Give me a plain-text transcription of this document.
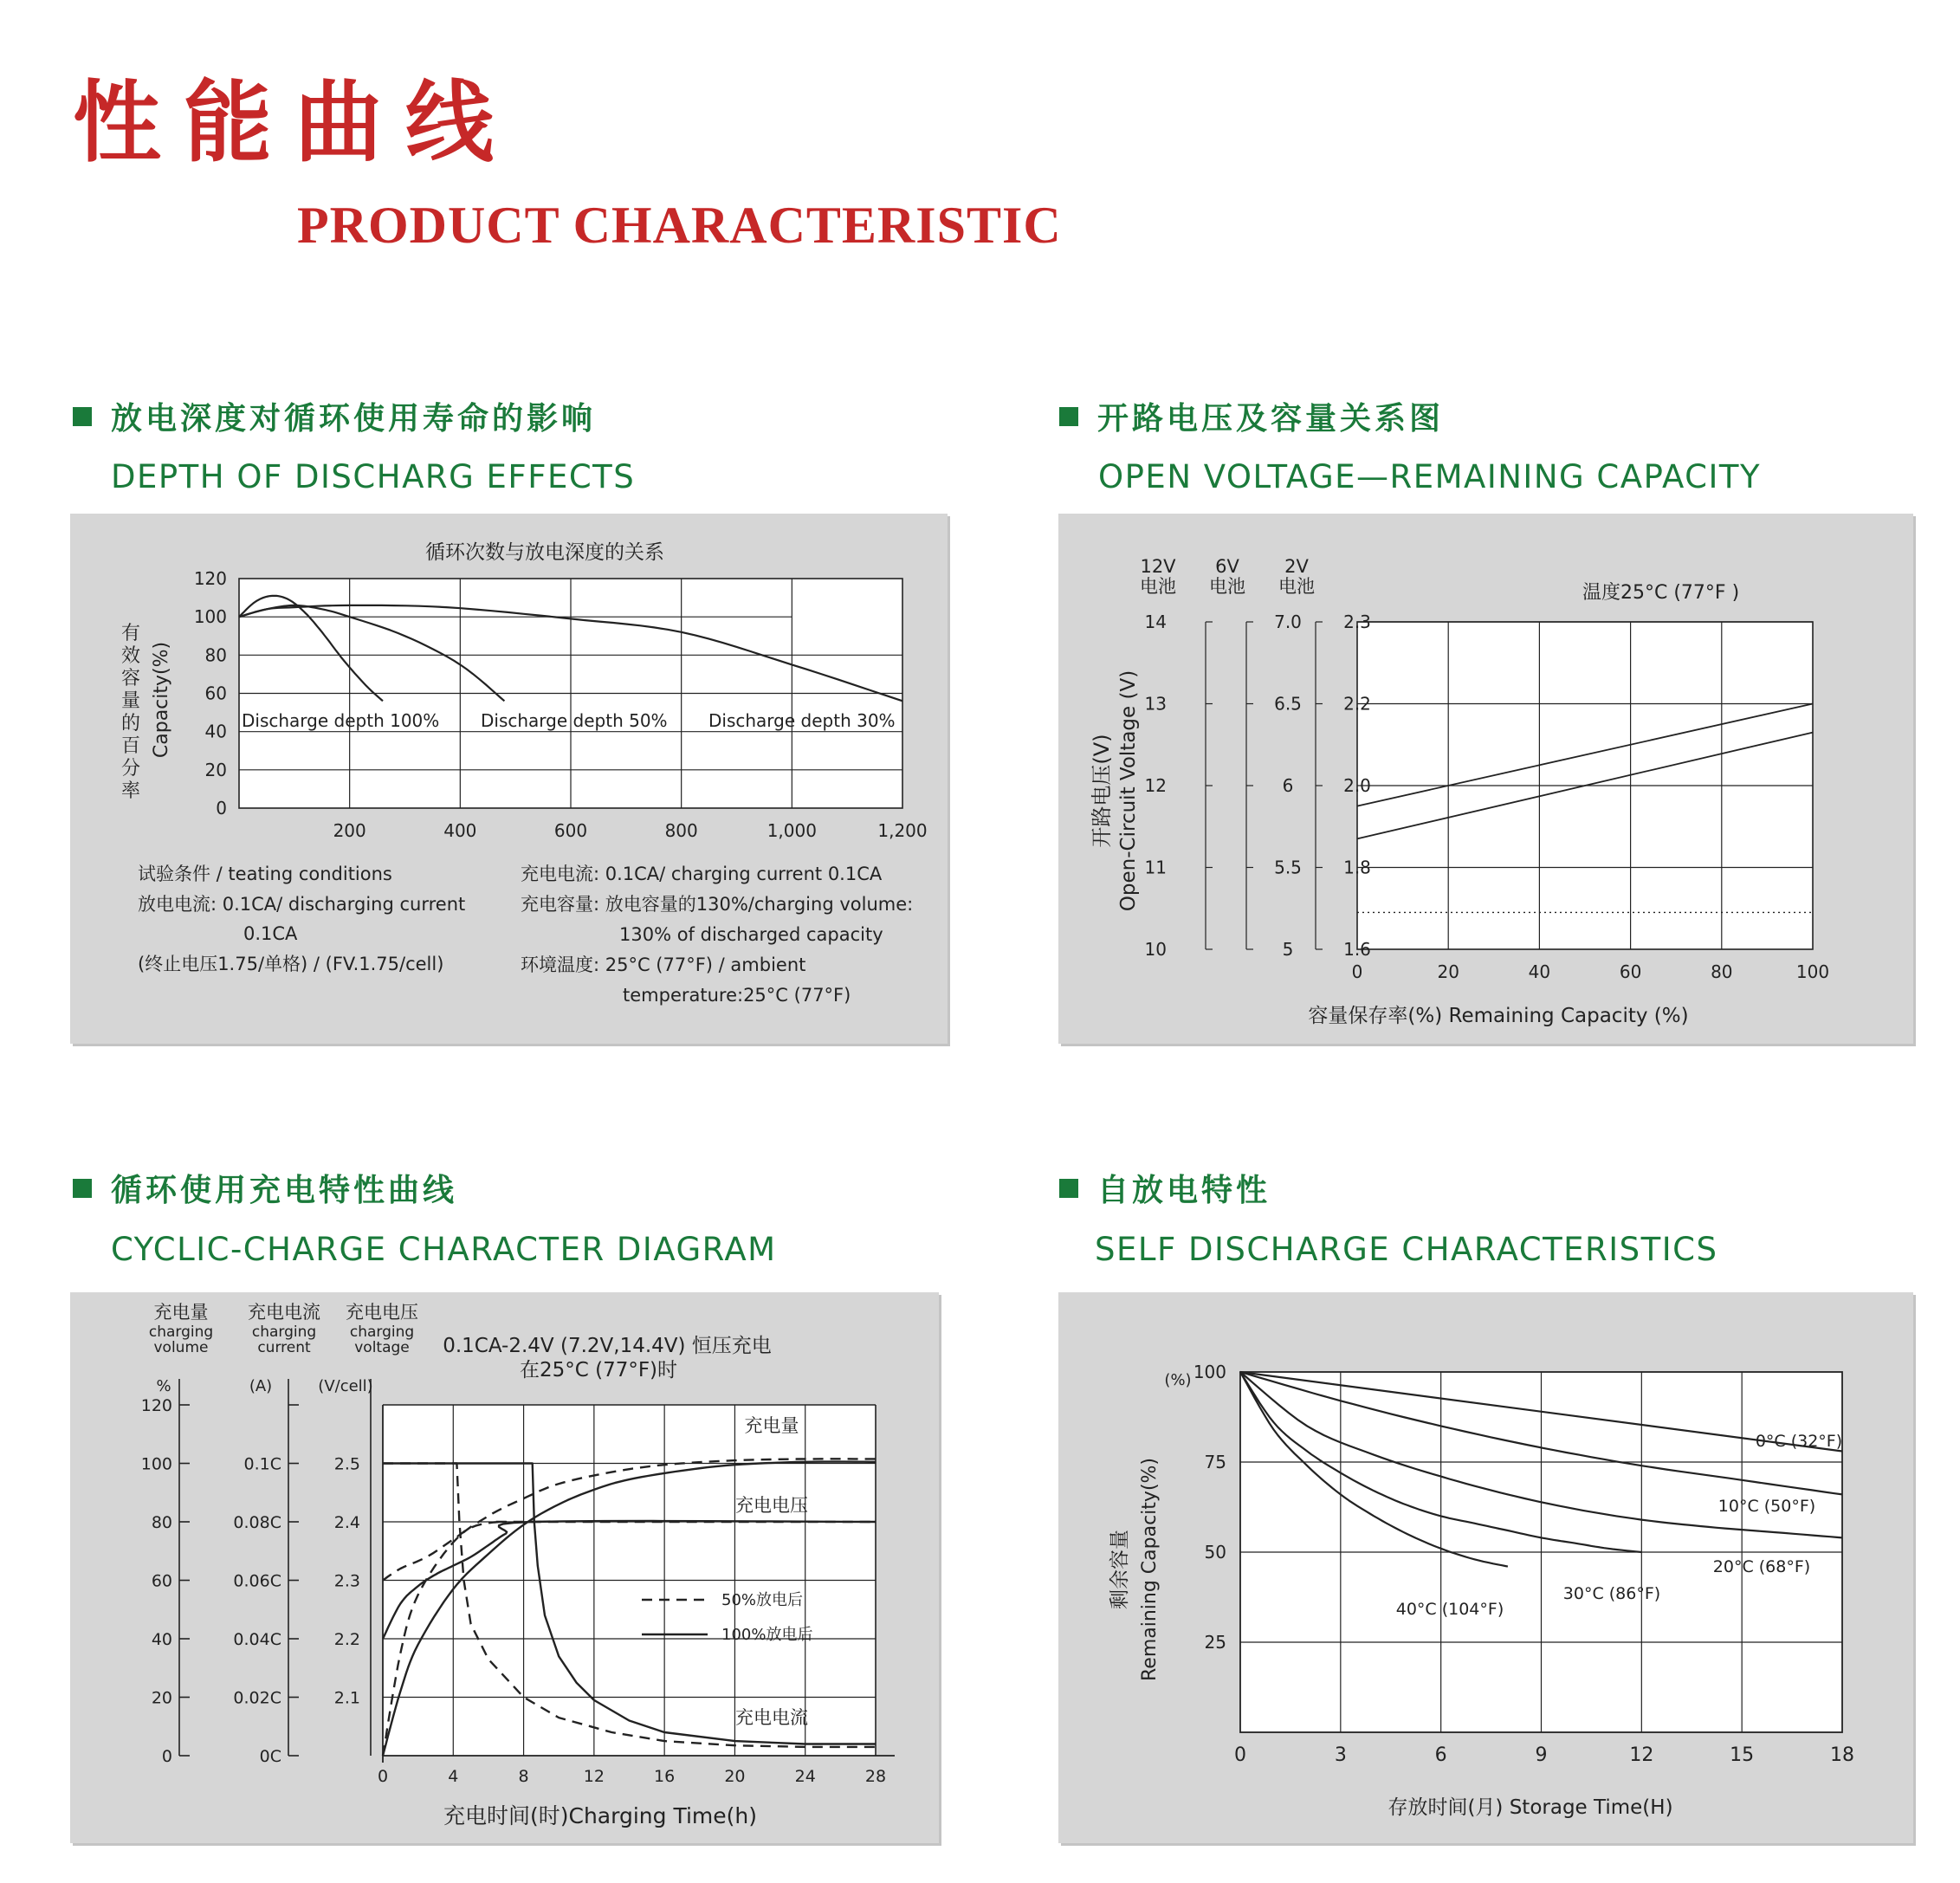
性能曲线
PRODUCT CHARACTERISTIC
放电深度对循环使用寿命的影响
DEPTH OF DISCHARG EFFECTS
开路电压及容量关系图
OPEN VOLTAGE—REMAINING CAPACITY
循环使用充电特性曲线
CYCLIC-CHARGE CHARACTER DIAGRAM
自放电特性
SELF DISCHARGE CHARACTERISTICS
循环次数与放电深度的关系
0
20
40
60
80
100
120
200	400	600	800	1,000	1,200
有
效
容
量
的
百
分
率
Capacity(%)	Discharge depth 100% Discharge depth 50% Discharge depth 30%
试验条件 / teating conditions
放电电流: 0.1CA/ discharging current
0.1CA
(终止电压1.75/单格) / (FV.1.75/cell)
充电电流: 0.1CA/ charging current 0.1CA
充电容量: 放电容量的130%/charging volume:
130% of discharged capacity
环境温度: 25°C (77°F) / ambient
temperature:25°C (77°F)
0	20	40	60	80	100
温度25°C (77°F )
12V
电池
14
13
12
11
10
6V
电池
7.0
6.5
6
5.5
5
2V
电池
2.3
2.2
2.0
1.8
1.6
开路电压(V) Open-Circuit Voltage (V)
容量保存率(%) Remaining Capacity (%)
0	4	8	12	16	20	24	28
充电量
charging
volume
%
120
100
80
60
40
20
0
充电电流
charging
current
(A)
0.1C
0.08C
0.06C
0.04C
0.02C
0C
充电电压
charging
voltage
(V/cell)
2.5
2.4
2.3
2.2
2.1
0.1CA-2.4V (7.2V,14.4V) 恒压充电
在25°C (77°F)时
充电量
充电电压
充电电流
50%放电后
100%放电后
充电时间(时)Charging Time(h)
25
50
75
100
0	3	6	9	12	15	18
(%)
剩余容量 Remaining Capacity(%)
0°C (32°F)
10°C (50°F)
20°C (68°F)
30°C (86°F)
40°C (104°F)
存放时间(月) Storage Time(H)
